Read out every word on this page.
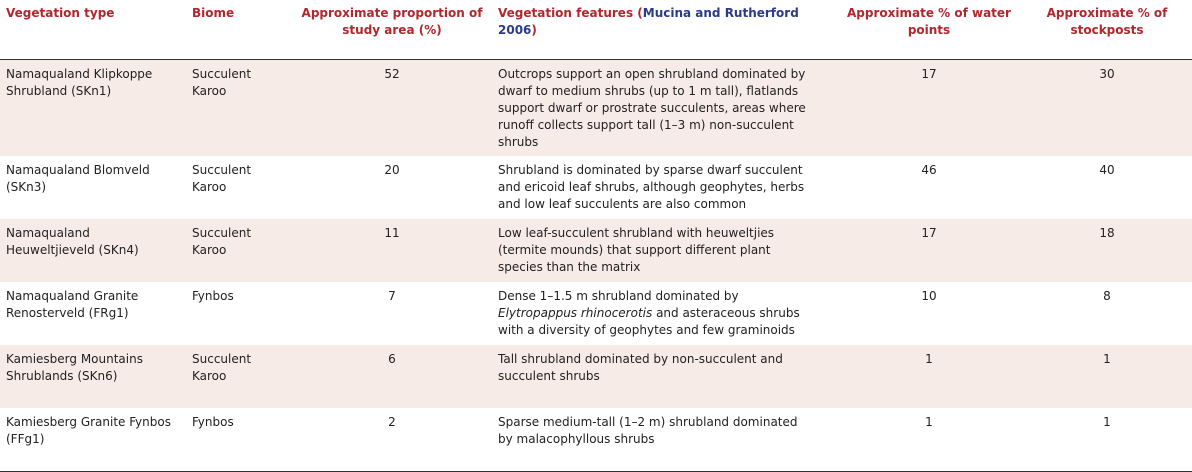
Vegetation type	Biome	Approximate proportion of study area (%)	Vegetation features (Mucina and Rutherford 2006)	Approximate % of water points	Approximate % of stockposts
Namaqualand Klipkoppe Shrubland (SKn1)	Succulent Karoo	52	Outcrops support an open shrubland dominated by dwarf to medium shrubs (up to 1 m tall), flatlands support dwarf or prostrate succulents, areas where runoff collects support tall (1–3 m) non-succulent shrubs	17	30
Namaqualand Blomveld (SKn3)	Succulent Karoo	20	Shrubland is dominated by sparse dwarf succulent and ericoid leaf shrubs, although geophytes, herbs and low leaf succulents are also common	46	40
Namaqualand Heuweltjieveld (SKn4)	Succulent Karoo	11	Low leaf-succulent shrubland with heuweltjies (termite mounds) that support different plant species than the matrix	17	18
Namaqualand Granite Renosterveld (FRg1)	Fynbos	7	Dense 1–1.5 m shrubland dominated by Elytropappus rhinocerotis and asteraceous shrubs with a diversity of geophytes and few graminoids	10	8
Kamiesberg Mountains Shrublands (SKn6)	Succulent Karoo	6	Tall shrubland dominated by non-succulent and succulent shrubs	1	1
Kamiesberg Granite Fynbos (FFg1)	Fynbos	2	Sparse medium-tall (1–2 m) shrubland dominated by malacophyllous shrubs	1	1
